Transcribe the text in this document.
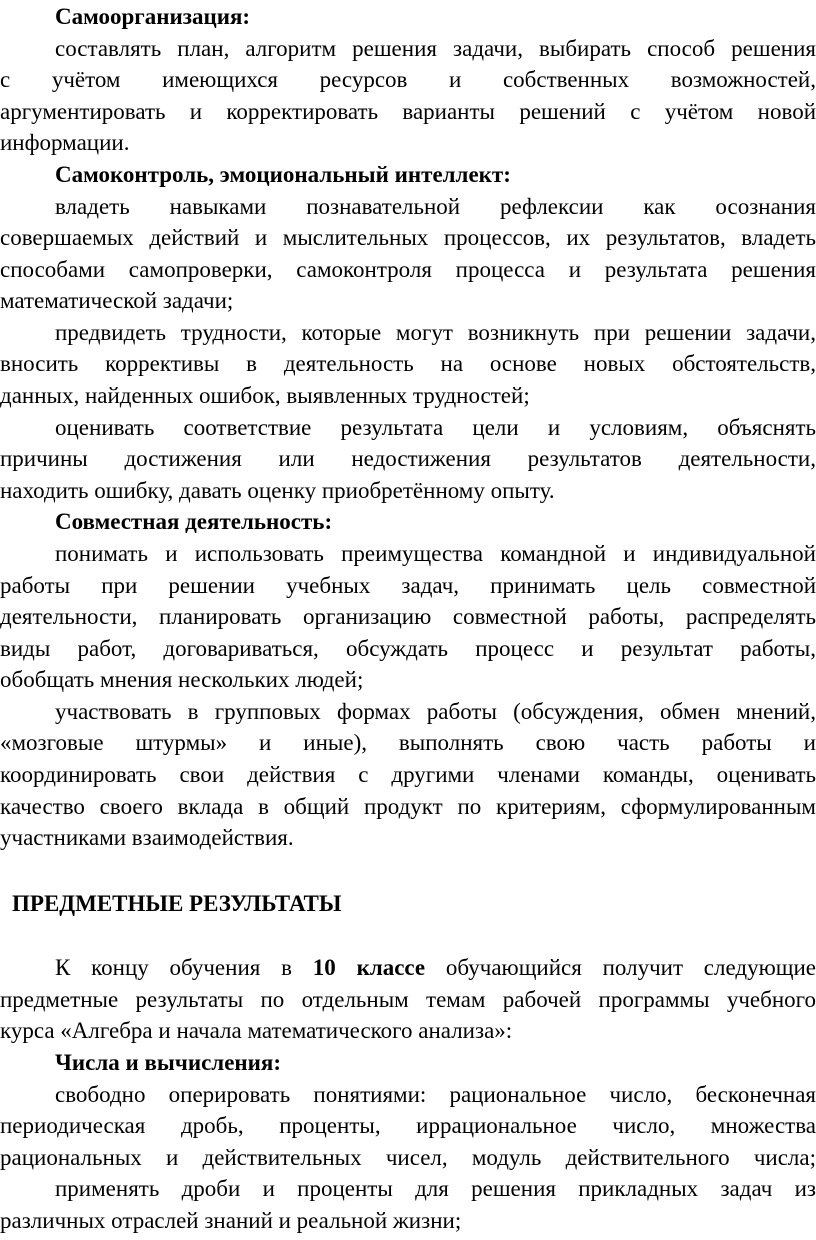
Самоорганизация:
составлять план, алгоритм решения задачи, выбирать способ решения
с учётом имеющихся ресурсов и собственных возможностей,
аргументировать и корректировать варианты решений с учётом новой
информации.
Самоконтроль, эмоциональный интеллект:
владеть навыками познавательной рефлексии как осознания
совершаемых действий и мыслительных процессов, их результатов, владеть
способами самопроверки, самоконтроля процесса и результата решения
математической задачи;
предвидеть трудности, которые могут возникнуть при решении задачи,
вносить коррективы в деятельность на основе новых обстоятельств,
данных, найденных ошибок, выявленных трудностей;
оценивать соответствие результата цели и условиям, объяснять
причины достижения или недостижения результатов деятельности,
находить ошибку, давать оценку приобретённому опыту.
Совместная деятельность:
понимать и использовать преимущества командной и индивидуальной
работы при решении учебных задач, принимать цель совместной
деятельности, планировать организацию совместной работы, распределять
виды работ, договариваться, обсуждать процесс и результат работы,
обобщать мнения нескольких людей;
участвовать в групповых формах работы (обсуждения, обмен мнений,
«мозговые штурмы» и иные), выполнять свою часть работы и
координировать свои действия с другими членами команды, оценивать
качество своего вклада в общий продукт по критериям, сформулированным
участниками взаимодействия.
ПРЕДМЕТНЫЕ РЕЗУЛЬТАТЫ
К концу обучения в 10 классе обучающийся получит следующие
предметные результаты по отдельным темам рабочей программы учебного
курса «Алгебра и начала математического анализа»:
Числа и вычисления:
свободно оперировать понятиями: рациональное число, бесконечная
периодическая дробь, проценты, иррациональное число, множества
рациональных и действительных чисел, модуль действительного числа;
применять дроби и проценты для решения прикладных задач из
различных отраслей знаний и реальной жизни;
